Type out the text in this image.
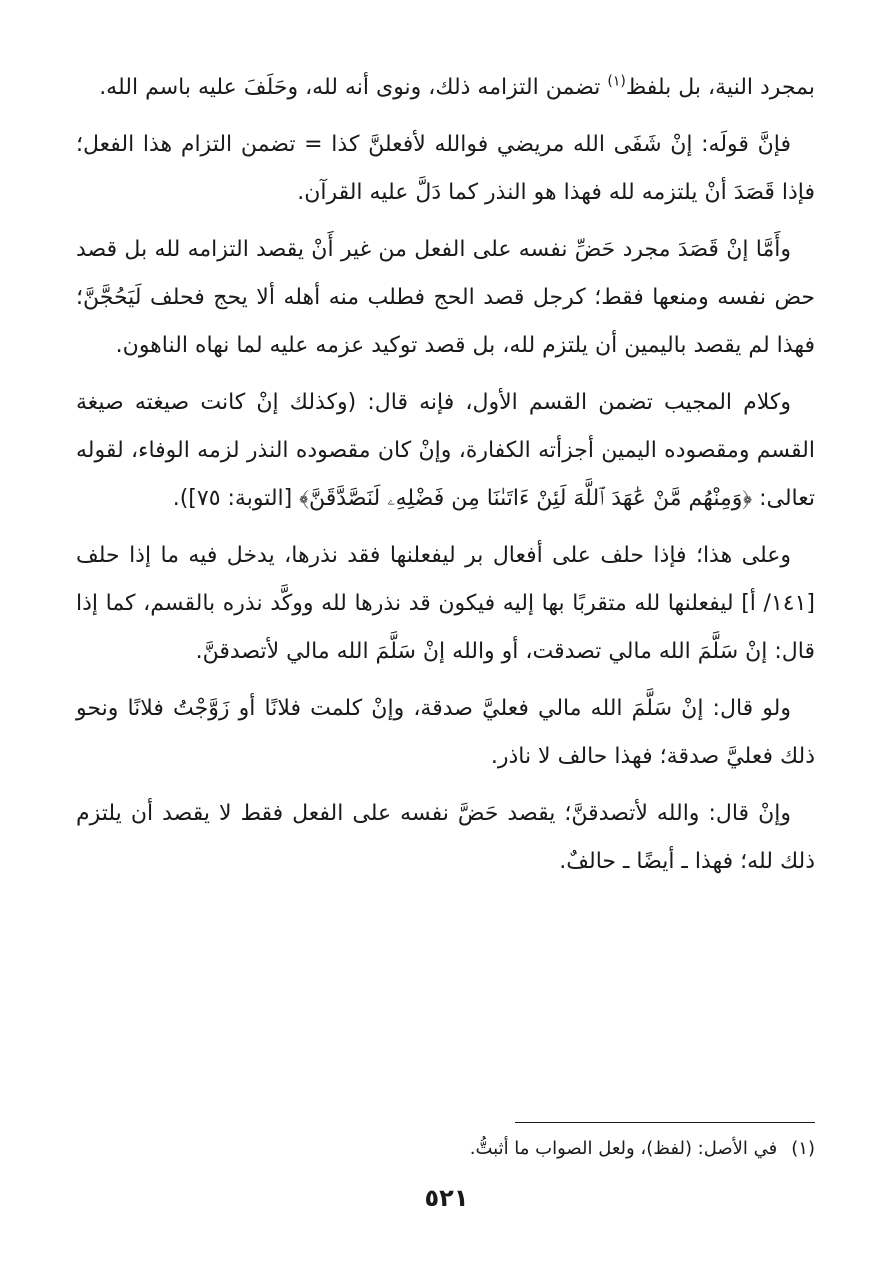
بمجرد النية، بل بلفظ$^{(١)}$ تضمن التزامه ذلك، ونوى أنه لله، وحَلَفَ عليه باسم الله.

فإنَّ قولَه: إنْ شَفَى الله مريضي فوالله لأفعلنَّ كذا = تضمن التزام هذا الفعل؛ فإذا قَصَدَ أنْ يلتزمه لله فهذا هو النذر كما دَلَّ عليه القرآن.

وأَمَّا إنْ قَصَدَ مجرد حَضِّ نفسه على الفعل من غير أَنْ يقصد التزامه لله بل قصد حض نفسه ومنعها فقط؛ كرجل قصد الحج فطلب منه أهله ألا يحج فحلف لَيَحُجَّنَّ؛ فهذا لم يقصد باليمين أن يلتزم لله، بل قصد توكيد عزمه عليه لما نهاه الناهون.

وكلام المجيب تضمن القسم الأول، فإنه قال: (وكذلك إنْ كانت صيغته صيغة القسم ومقصوده اليمين أجزأته الكفارة، وإنْ كان مقصوده النذر لزمه الوفاء، لقوله تعالى: ﴿وَمِنْهُم مَّنْ عَٰهَدَ ٱللَّهَ لَئِنْ ءَاتَىٰنَا مِن فَضْلِهِۦ لَنَصَّدَّقَنَّ﴾ [التوبة: ٧٥]).

وعلى هذا؛ فإذا حلف على أفعال بر ليفعلنها فقد نذرها، يدخل فيه ما إذا حلف [١٤١/ أ] ليفعلنها لله متقربًا بها إليه فيكون قد نذرها لله ووكَّد نذره بالقسم، كما إذا قال: إنْ سَلَّمَ الله مالي تصدقت، أو والله إنْ سَلَّمَ الله مالي لأتصدقنَّ.

ولو قال: إنْ سَلَّمَ الله مالي فعليَّ صدقة، وإنْ كلمت فلانًا أو زَوَّجْتُ فلانًا ونحو ذلك فعليَّ صدقة؛ فهذا حالف لا ناذر.

وإنْ قال: والله لأتصدقنَّ؛ يقصد حَضَّ نفسه على الفعل فقط لا يقصد أن يلتزم ذلك لله؛ فهذا ـ أيضًا ـ حالفٌ.

(١)في الأصل: (لفظ)، ولعل الصواب ما أثبتُّ.
٥٢١
